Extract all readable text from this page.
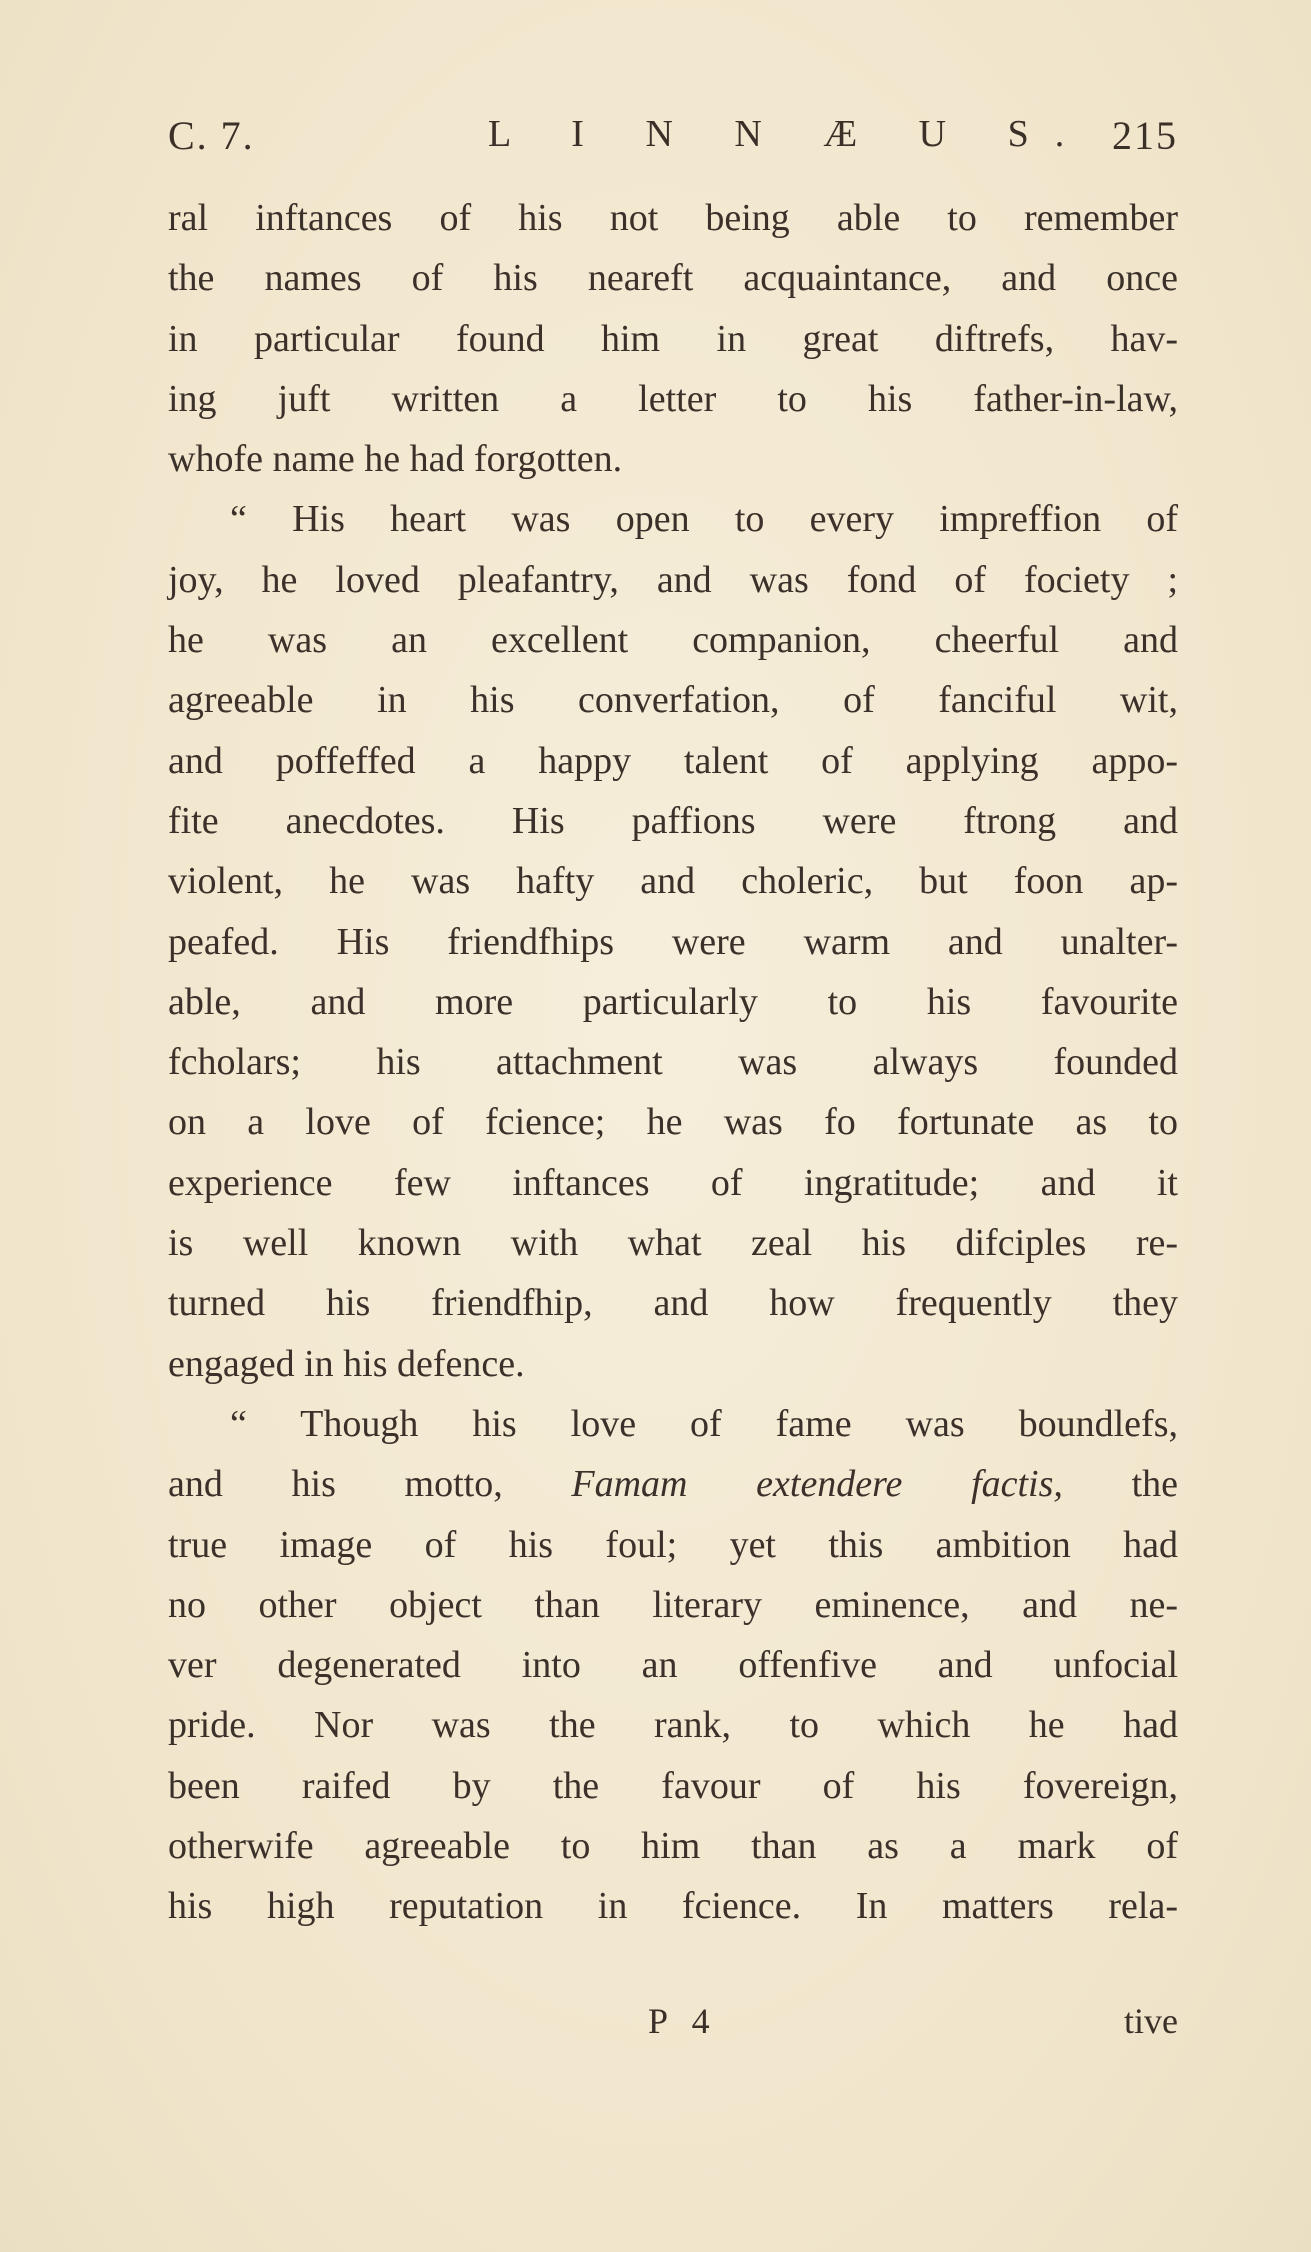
C. 7.	L I N N Æ U S. 215
ral inftances of his not being able to remember
the names of his neareft acquaintance, and once
in particular found him in great diftrefs, hav-
ing juft written a letter to his father-in-law,
whofe name he had forgotten.
“ His heart was open to every impreffion of
joy, he loved pleafantry, and was fond of fociety ;
he was an excellent companion, cheerful and
agreeable in his converfation, of fanciful wit,
and poffeffed a happy talent of applying appo-
fite anecdotes. His paffions were ftrong and
violent, he was hafty and choleric, but foon ap-
peafed. His friendfhips were warm and unalter-
able, and more particularly to his favourite
fcholars; his attachment was always founded
on a love of fcience; he was fo fortunate as to
experience few inftances of ingratitude; and it
is well known with what zeal his difciples re-
turned his friendfhip, and how frequently they
engaged in his defence.
“ Though his love of fame was boundlefs,
and his motto, Famam extendere factis, the
true image of his foul; yet this ambition had
no other object than literary eminence, and ne-
ver degenerated into an offenfive and unfocial
pride. Nor was the rank, to which he had
been raifed by the favour of his fovereign,
otherwife agreeable to him than as a mark of
his high reputation in fcience. In matters rela-
P 4	tive
